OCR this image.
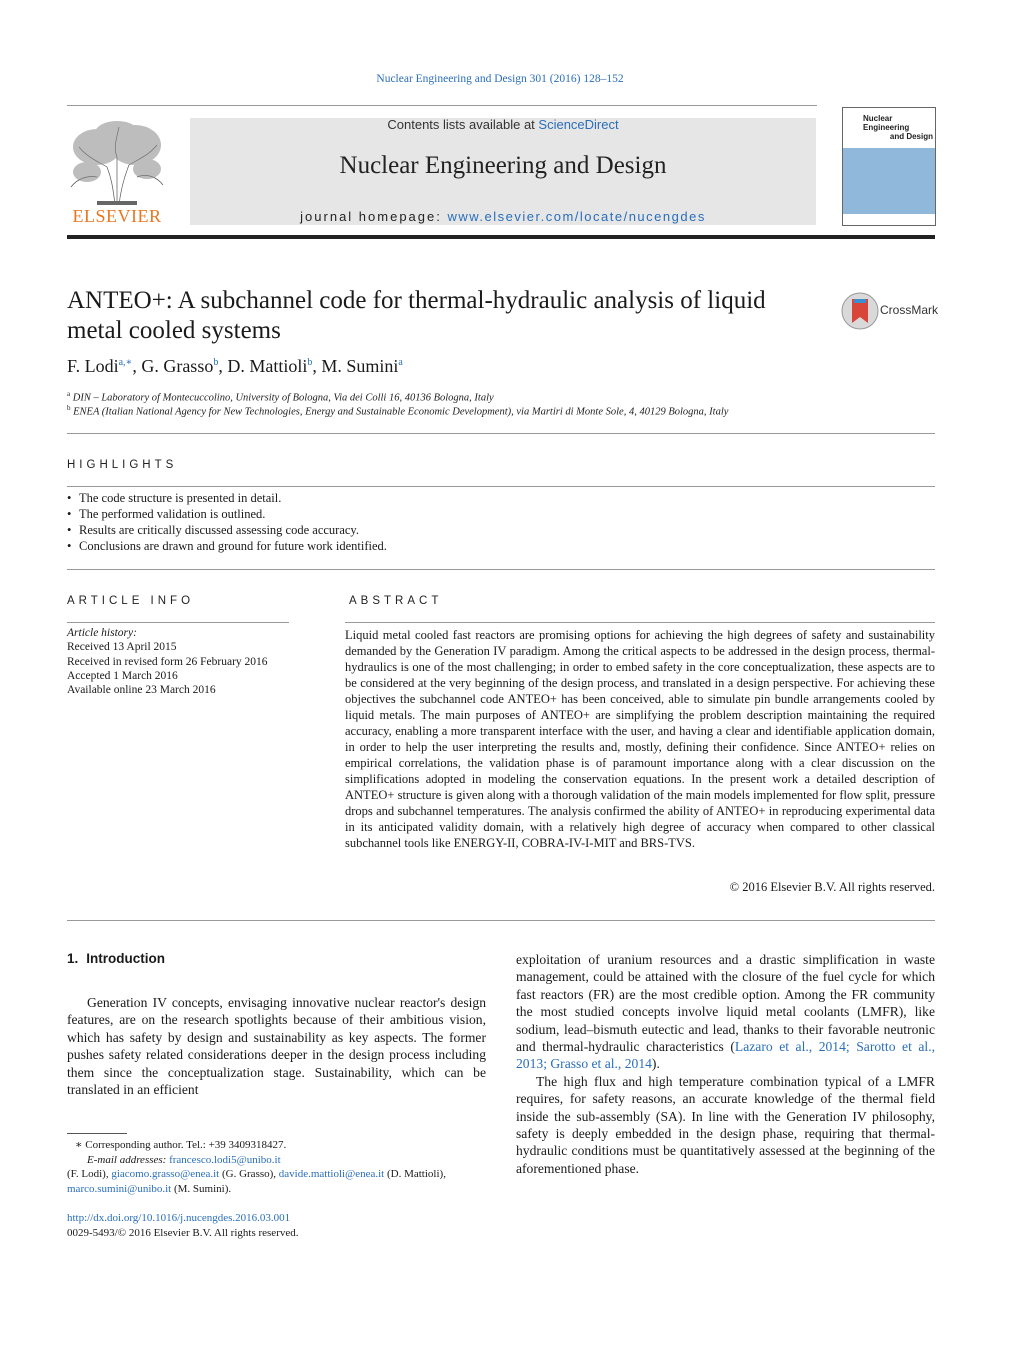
Nuclear Engineering and Design 301 (2016) 128–152
ELSEVIER
Contents lists available at ScienceDirect
Nuclear Engineering and Design
journal homepage: www.elsevier.com/locate/nucengdes
Nuclear Engineering
and Design
ANTEO+: A subchannel code for thermal-hydraulic analysis of liquid metal cooled systems
CrossMark
F. Lodi$^{a,∗}$, G. Grasso$^b$, D. Mattioli$^b$, M. Sumini$^a$
$^a$ DIN – Laboratory of Montecuccolino, University of Bologna, Via dei Colli 16, 40136 Bologna, Italy
$^b$ ENEA (Italian National Agency for New Technologies, Energy and Sustainable Economic Development), via Martiri di Monte Sole, 4, 40129 Bologna, Italy
HIGHLIGHTS
• The code structure is presented in detail.
• The performed validation is outlined.
• Results are critically discussed assessing code accuracy.
• Conclusions are drawn and ground for future work identified.
ARTICLE INFO
Article history:
Received 13 April 2015
Received in revised form 26 February 2016
Accepted 1 March 2016
Available online 23 March 2016
ABSTRACT
Liquid metal cooled fast reactors are promising options for achieving the high degrees of safety and sustainability demanded by the Generation IV paradigm. Among the critical aspects to be addressed in the design process, thermal-hydraulics is one of the most challenging; in order to embed safety in the core conceptualization, these aspects are to be considered at the very beginning of the design process, and translated in a design perspective. For achieving these objectives the subchannel code ANTEO+ has been conceived, able to simulate pin bundle arrangements cooled by liquid metals. The main purposes of ANTEO+ are simplifying the problem description maintaining the required accuracy, enabling a more transparent interface with the user, and having a clear and identifiable application domain, in order to help the user interpreting the results and, mostly, defining their confidence. Since ANTEO+ relies on empirical correlations, the validation phase is of paramount importance along with a clear discussion on the simplifications adopted in modeling the conservation equations. In the present work a detailed description of ANTEO+ structure is given along with a thorough validation of the main models implemented for flow split, pressure drops and subchannel temperatures. The analysis confirmed the ability of ANTEO+ in reproducing experimental data in its anticipated validity domain, with a relatively high degree of accuracy when compared to other classical subchannel tools like ENERGY-II, COBRA-IV-I-MIT and BRS-TVS.
© 2016 Elsevier B.V. All rights reserved.
1. Introduction

Generation IV concepts, envisaging innovative nuclear reactor's design features, are on the research spotlights because of their ambitious vision, which has safety by design and sustainability as key aspects. The former pushes safety related considerations deeper in the design process including them since the conceptualization stage. Sustainability, which can be translated in an efficient

exploitation of uranium resources and a drastic simplification in waste management, could be attained with the closure of the fuel cycle for which fast reactors (FR) are the most credible option. Among the FR community the most studied concepts involve liquid metal coolants (LMFR), like sodium, lead–bismuth eutectic and lead, thanks to their favorable neutronic and thermal-hydraulic characteristics (Lazaro et al., 2014; Sarotto et al., 2013; Grasso et al., 2014).

The high flux and high temperature combination typical of a LMFR requires, for safety reasons, an accurate knowledge of the thermal field inside the sub-assembly (SA). In line with the Generation IV philosophy, safety is deeply embedded in the design phase, requiring that thermal-hydraulic conditions must be quantitatively assessed at the beginning of the aforementioned phase.

∗ Corresponding author. Tel.: +39 3409318427.
E-mail addresses: francesco.lodi5@unibo.it
(F. Lodi), giacomo.grasso@enea.it (G. Grasso), davide.mattioli@enea.it (D. Mattioli),
marco.sumini@unibo.it (M. Sumini).
http://dx.doi.org/10.1016/j.nucengdes.2016.03.001
0029-5493/© 2016 Elsevier B.V. All rights reserved.
